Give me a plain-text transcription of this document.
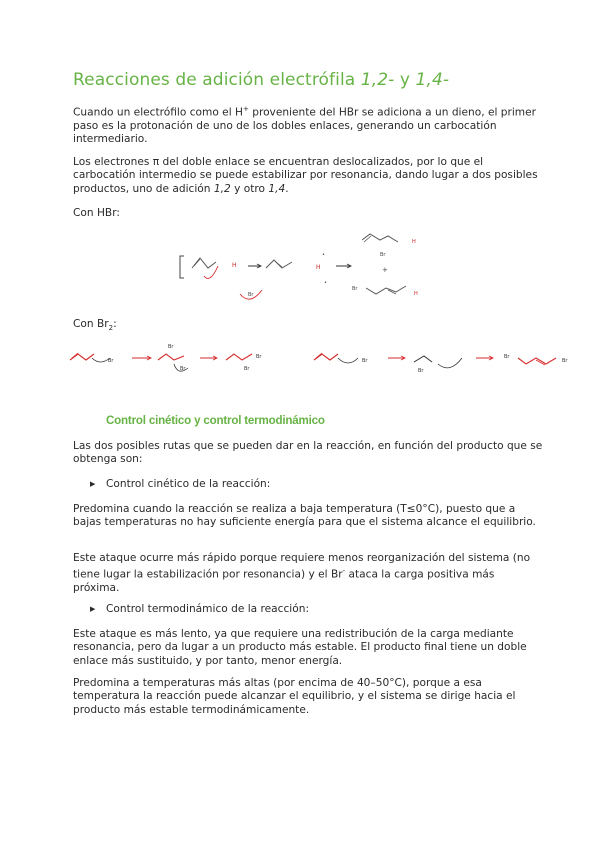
Reacciones de adición electrófila 1,2- y 1,4-

Cuando un electrófilo como el H+ proveniente del HBr se adiciona a un dieno, el primer paso es la protonación de uno de los dobles enlaces, generando un carbocatión intermediario.

Los electrones π del doble enlace se encuentran deslocalizados, por lo que el carbocatión intermedio se puede estabilizar por resonancia, dando lugar a dos posibles productos, uno de adición 1,2 y otro 1,4.

Con HBr:

H	H
Br
•
•
Br
H
+
Br
H

Con $Br_2$:

Br
Br
Br	Br
Br
Br
Br
Br
Br
Control cinético y control termodinámico

Las dos posibles rutas que se pueden dar en la reacción, en función del producto que se obtenga son:

▶ Control cinético de la reacción:

Predomina cuando la reacción se realiza a baja temperatura (T≤0°C), puesto que a bajas temperaturas no hay suficiente energía para que el sistema alcance el equilibrio.

Este ataque ocurre más rápido porque requiere menos reorganización del sistema (no tiene lugar la estabilización por resonancia) y el Br- ataca la carga positiva más próxima.

▶ Control termodinámico de la reacción:

Este ataque es más lento, ya que requiere una redistribución de la carga mediante resonancia, pero da lugar a un producto más estable. El producto final tiene un doble enlace más sustituido, y por tanto, menor energía.

Predomina a temperaturas más altas (por encima de 40–50°C), porque a esa temperatura la reacción puede alcanzar el equilibrio, y el sistema se dirige hacia el producto más estable termodinámicamente.
